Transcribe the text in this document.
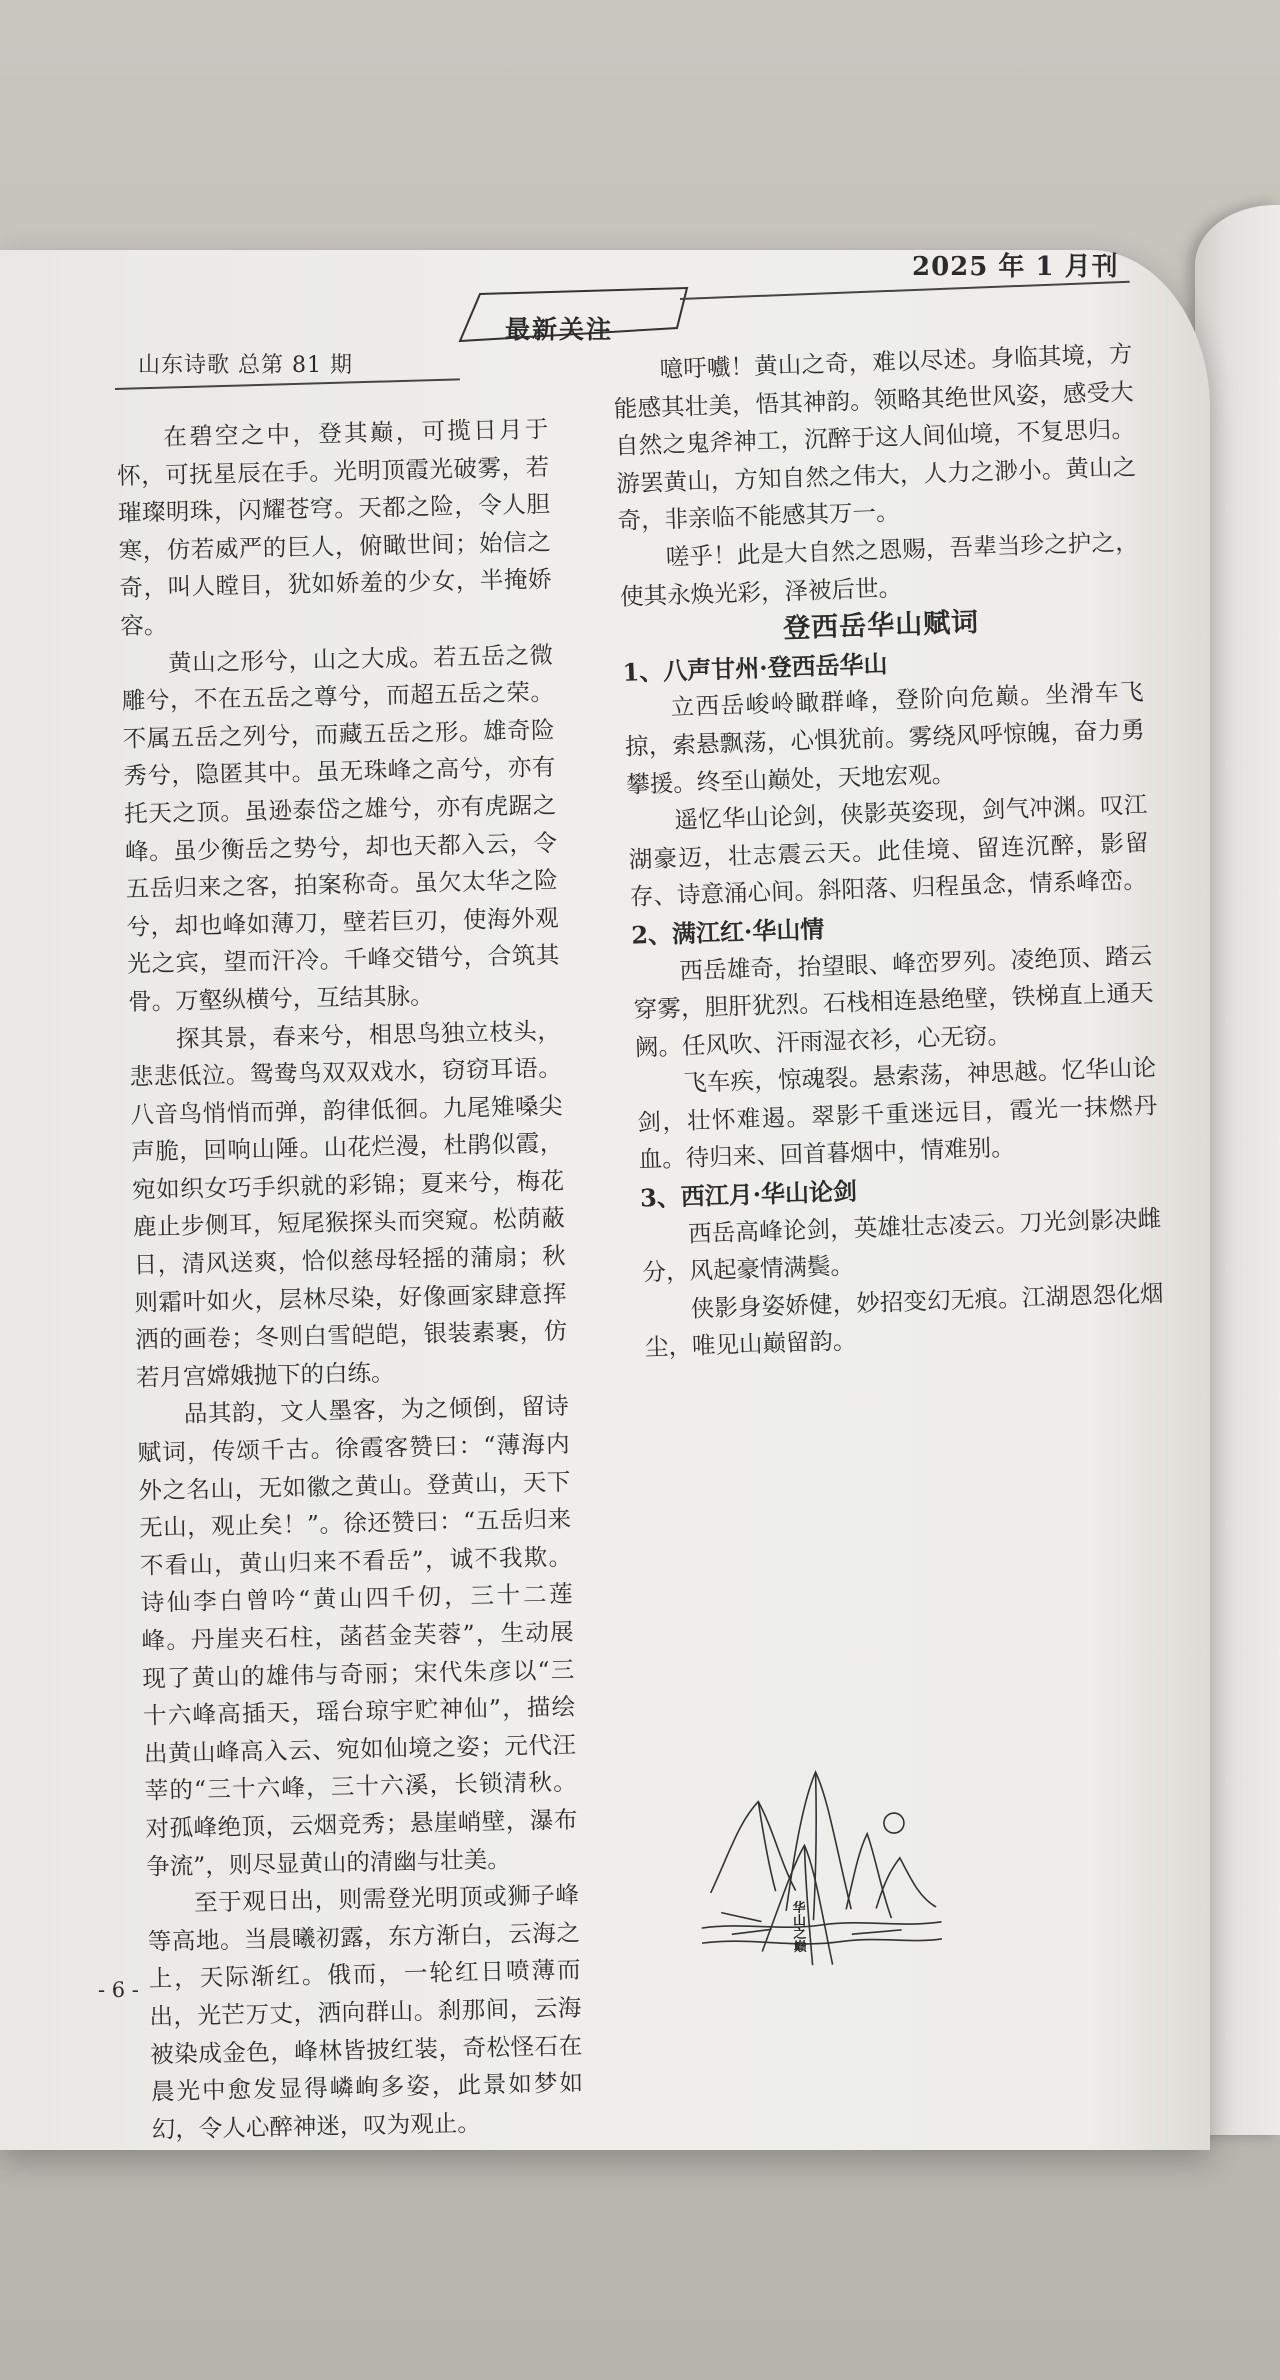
山东诗歌 总第 81 期
最新关注
2025 年 1 月刊

在碧空之中，登其巅，可揽日月于怀，可抚星辰在手。光明顶霞光破雾，若璀璨明珠，闪耀苍穹。天都之险，令人胆寒，仿若威严的巨人，俯瞰世间；始信之奇，叫人瞠目，犹如娇羞的少女，半掩娇容。

黄山之形兮，山之大成。若五岳之微雕兮，不在五岳之尊兮，而超五岳之荣。不属五岳之列兮，而藏五岳之形。雄奇险秀兮，隐匿其中。虽无珠峰之高兮，亦有托天之顶。虽逊泰岱之雄兮，亦有虎踞之峰。虽少衡岳之势兮，却也天都入云，令五岳归来之客，拍案称奇。虽欠太华之险兮，却也峰如薄刀，壁若巨刃，使海外观光之宾，望而汗冷。千峰交错兮，合筑其骨。万壑纵横兮，互结其脉。

探其景，春来兮，相思鸟独立枝头，悲悲低泣。鸳鸯鸟双双戏水，窃窃耳语。八音鸟悄悄而弹，韵律低徊。九尾雉嗓尖声脆，回响山陲。山花烂漫，杜鹃似霞，宛如织女巧手织就的彩锦；夏来兮，梅花鹿止步侧耳，短尾猴探头而突窥。松荫蔽日，清风送爽，恰似慈母轻摇的蒲扇；秋则霜叶如火，层林尽染，好像画家肆意挥洒的画卷；冬则白雪皑皑，银装素裹，仿若月宫嫦娥抛下的白练。

品其韵，文人墨客，为之倾倒，留诗赋词，传颂千古。徐霞客赞曰：“薄海内外之名山，无如徽之黄山。登黄山，天下无山，观止矣！”。徐还赞曰：“五岳归来不看山，黄山归来不看岳”，诚不我欺。诗仙李白曾吟“黄山四千仞，三十二莲峰。丹崖夹石柱，菡萏金芙蓉”，生动展现了黄山的雄伟与奇丽；宋代朱彦以“三十六峰高插天，瑶台琼宇贮神仙”，描绘出黄山峰高入云、宛如仙境之姿；元代汪莘的“三十六峰，三十六溪，长锁清秋。对孤峰绝顶，云烟竞秀；悬崖峭壁，瀑布争流”，则尽显黄山的清幽与壮美。

至于观日出，则需登光明顶或狮子峰等高地。当晨曦初露，东方渐白，云海之上，天际渐红。俄而，一轮红日喷薄而出，光芒万丈，洒向群山。刹那间，云海被染成金色，峰林皆披红装，奇松怪石在晨光中愈发显得嶙峋多姿，此景如梦如幻，令人心醉神迷，叹为观止。

噫吁嚱！黄山之奇，难以尽述。身临其境，方能感其壮美，悟其神韵。领略其绝世风姿，感受大自然之鬼斧神工，沉醉于这人间仙境，不复思归。游罢黄山，方知自然之伟大，人力之渺小。黄山之奇，非亲临不能感其万一。

嗟乎！此是大自然之恩赐，吾辈当珍之护之，使其永焕光彩，泽被后世。

登西岳华山赋词

1、八声甘州·登西岳华山

立西岳峻岭瞰群峰，登阶向危巅。坐滑车飞掠，索悬飘荡，心惧犹前。雾绕风呼惊魄，奋力勇攀援。终至山巅处，天地宏观。

遥忆华山论剑，侠影英姿现，剑气冲渊。叹江湖豪迈，壮志震云天。此佳境、留连沉醉，影留存、诗意涌心间。斜阳落、归程虽念，情系峰峦。

2、满江红·华山情

西岳雄奇，抬望眼、峰峦罗列。凌绝顶、踏云穿雾，胆肝犹烈。石栈相连悬绝壁，铁梯直上通天阙。任风吹、汗雨湿衣衫，心无窃。

飞车疾，惊魂裂。悬索荡，神思越。忆华山论剑，壮怀难遏。翠影千重迷远目，霞光一抹燃丹血。待归来、回首暮烟中，情难别。

3、西江月·华山论剑

西岳高峰论剑，英雄壮志凌云。刀光剑影决雌分，风起豪情满鬓。

侠影身姿娇健，妙招变幻无痕。江湖恩怨化烟尘，唯见山巅留韵。

华山之巅
- 6 -
